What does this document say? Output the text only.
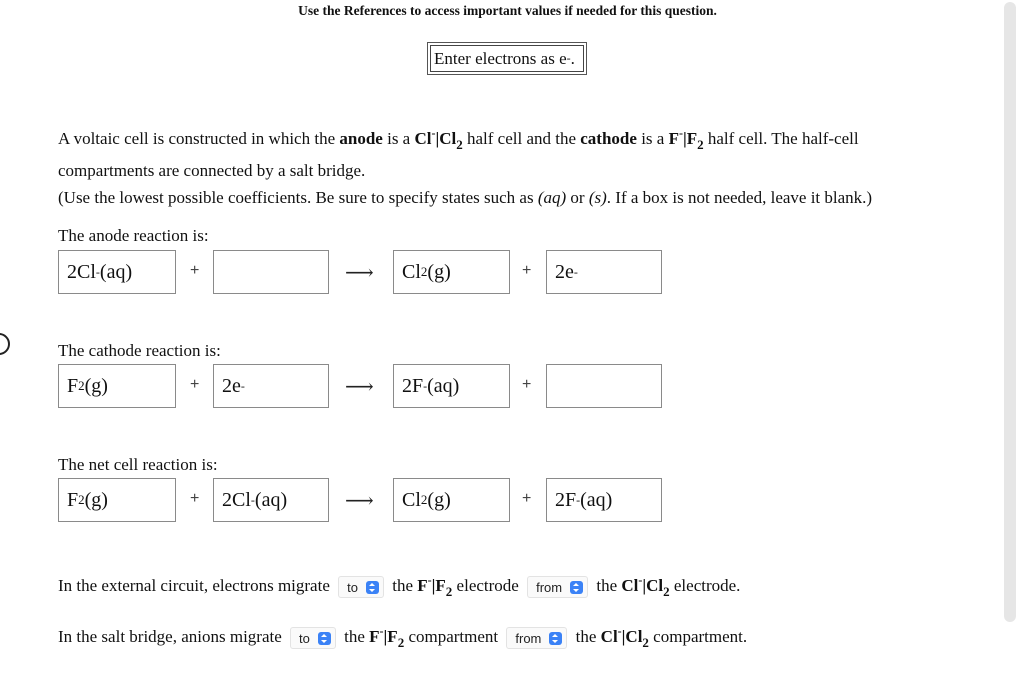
Use the References to access important values if needed for this question.
Enter electrons as e - .
A voltaic cell is constructed in which the anode is a $Cl^-|Cl_2$ half cell and the cathode is a $F^-|F_2$ half cell. The half-cell compartments are connected by a salt bridge.
(Use the lowest possible coefficients. Be sure to specify states such as (aq) or (s). If a box is not needed, leave it blank.)
The anode reaction is:
2Cl - (aq)	+	⟶ Cl 2 (g)	+ 2e -
The cathode reaction is:
F 2 (g)	+ 2e -	⟶ 2F - (aq)	+
The net cell reaction is:
F 2 (g)	+ 2Cl - (aq)	⟶ Cl 2 (g)	+ 2F - (aq)
In the external circuit, electrons migrate to the $F^-|F_2$ electrode from the $Cl^-|Cl_2$ electrode.
In the salt bridge, anions migrate to the $F^-|F_2$ compartment from the $Cl^-|Cl_2$ compartment.
